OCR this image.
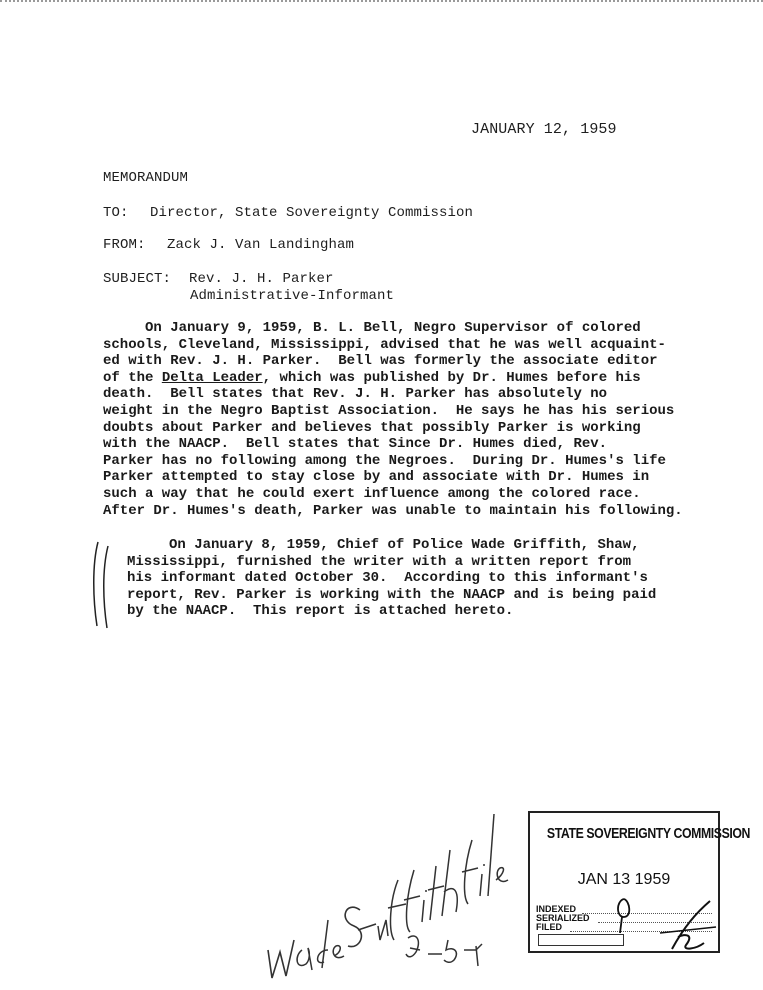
JANUARY 12, 1959
MEMORANDUM
TO: Director, State Sovereignty Commission
FROM: Zack J. Van Landingham
SUBJECT: Rev. J. H. Parker
Administrative-Informant
On January 9, 1959, B. L. Bell, Negro Supervisor of colored
schools, Cleveland, Mississippi, advised that he was well acquaint-
ed with Rev. J. H. Parker.  Bell was formerly the associate editor
of the Delta Leader, which was published by Dr. Humes before his
death.  Bell states that Rev. J. H. Parker has absolutely no
weight in the Negro Baptist Association.  He says he has his serious
doubts about Parker and believes that possibly Parker is working
with the NAACP.  Bell states that Since Dr. Humes died, Rev.
Parker has no following among the Negroes.  During Dr. Humes's life
Parker attempted to stay close by and associate with Dr. Humes in
such a way that he could exert influence among the colored race.
After Dr. Humes's death, Parker was unable to maintain his following.
On January 8, 1959, Chief of Police Wade Griffith, Shaw,
Mississippi, furnished the writer with a written report from
his informant dated October 30.  According to this informant's
report, Rev. Parker is working with the NAACP and is being paid
by the NAACP.  This report is attached hereto.
STATE SOVEREIGNTY COMMISSION
JAN 13 1959
INDEXED
SERIALIZED
FILED
